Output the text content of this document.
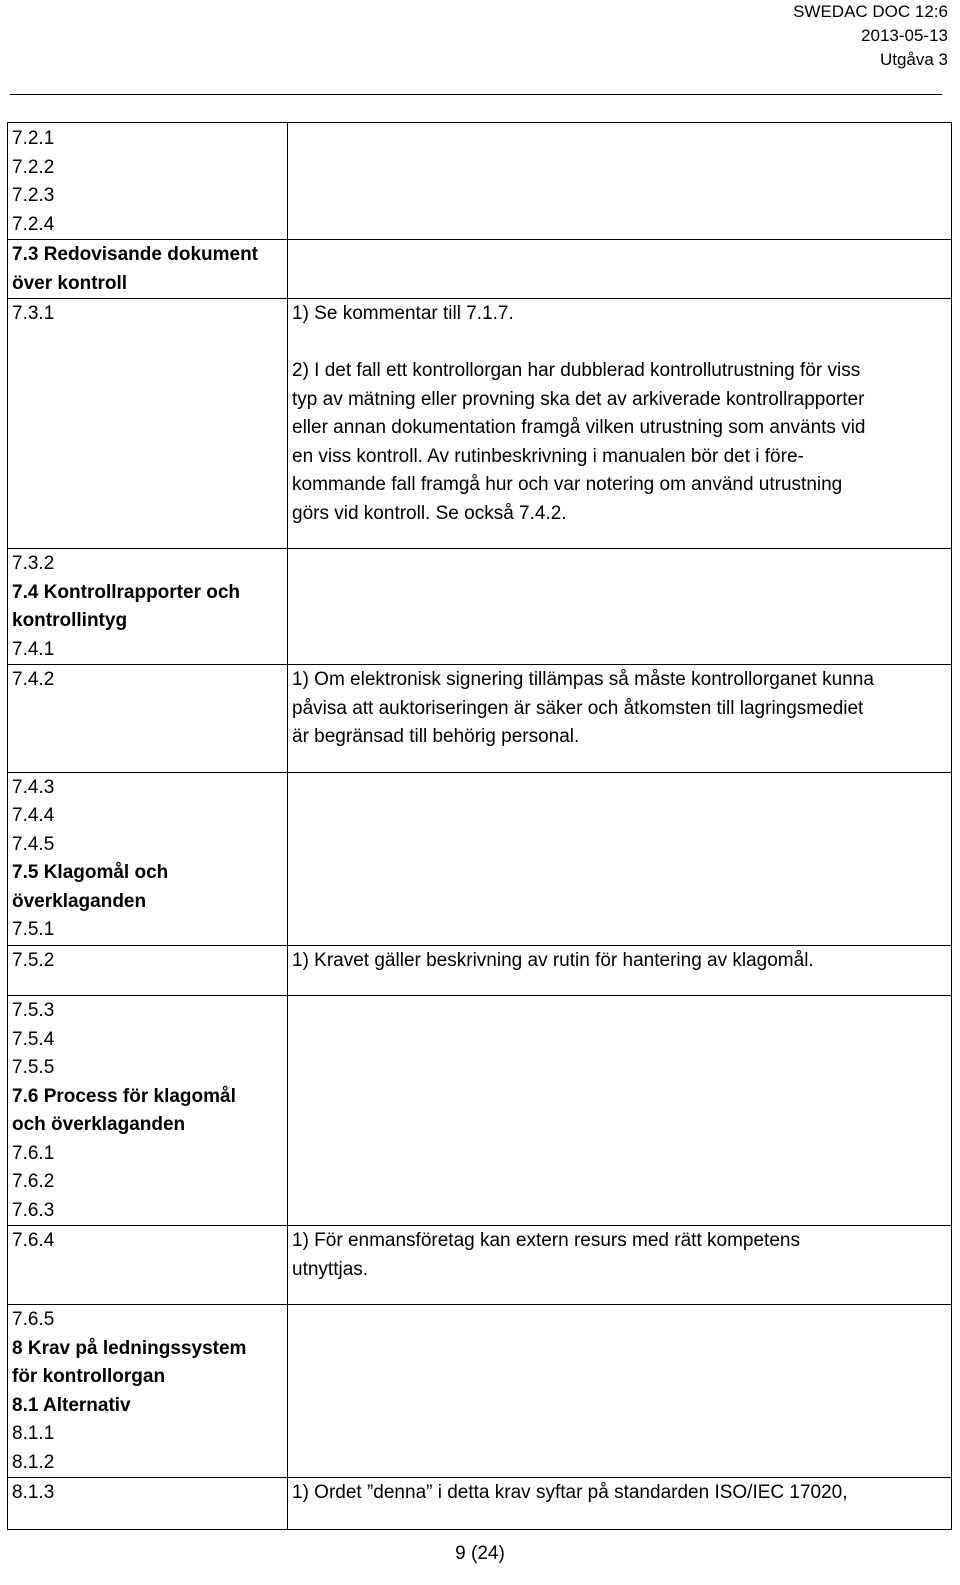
SWEDAC DOC 12:6
2013-05-13
Utgåva 3
7.2.1
7.2.2
7.2.3
7.2.4
7.3 Redovisande dokument
över kontroll
7.3.1	1) Se kommentar till 7.1.7.

2) I det fall ett kontrollorgan har dubblerad kontrollutrustning för viss
typ av mätning eller provning ska det av arkiverade kontrollrapporter
eller annan dokumentation framgå vilken utrustning som använts vid
en viss kontroll. Av rutinbeskrivning i manualen bör det i före-
kommande fall framgå hur och var notering om använd utrustning
görs vid kontroll. Se också 7.4.2.
7.3.2
7.4 Kontrollrapporter och
kontrollintyg
7.4.1
7.4.2	1) Om elektronisk signering tillämpas så måste kontrollorganet kunna
påvisa att auktoriseringen är säker och åtkomsten till lagringsmediet
är begränsad till behörig personal.
7.4.3
7.4.4
7.4.5
7.5 Klagomål och
överklaganden
7.5.1
7.5.2	1) Kravet gäller beskrivning av rutin för hantering av klagomål.
7.5.3
7.5.4
7.5.5
7.6 Process för klagomål
och överklaganden
7.6.1
7.6.2
7.6.3
7.6.4	1) För enmansföretag kan extern resurs med rätt kompetens
utnyttjas.
7.6.5
8 Krav på ledningssystem
för kontrollorgan
8.1 Alternativ
8.1.1
8.1.2
8.1.3	1) Ordet ”denna” i detta krav syftar på standarden ISO/IEC 17020,
9 (24)
